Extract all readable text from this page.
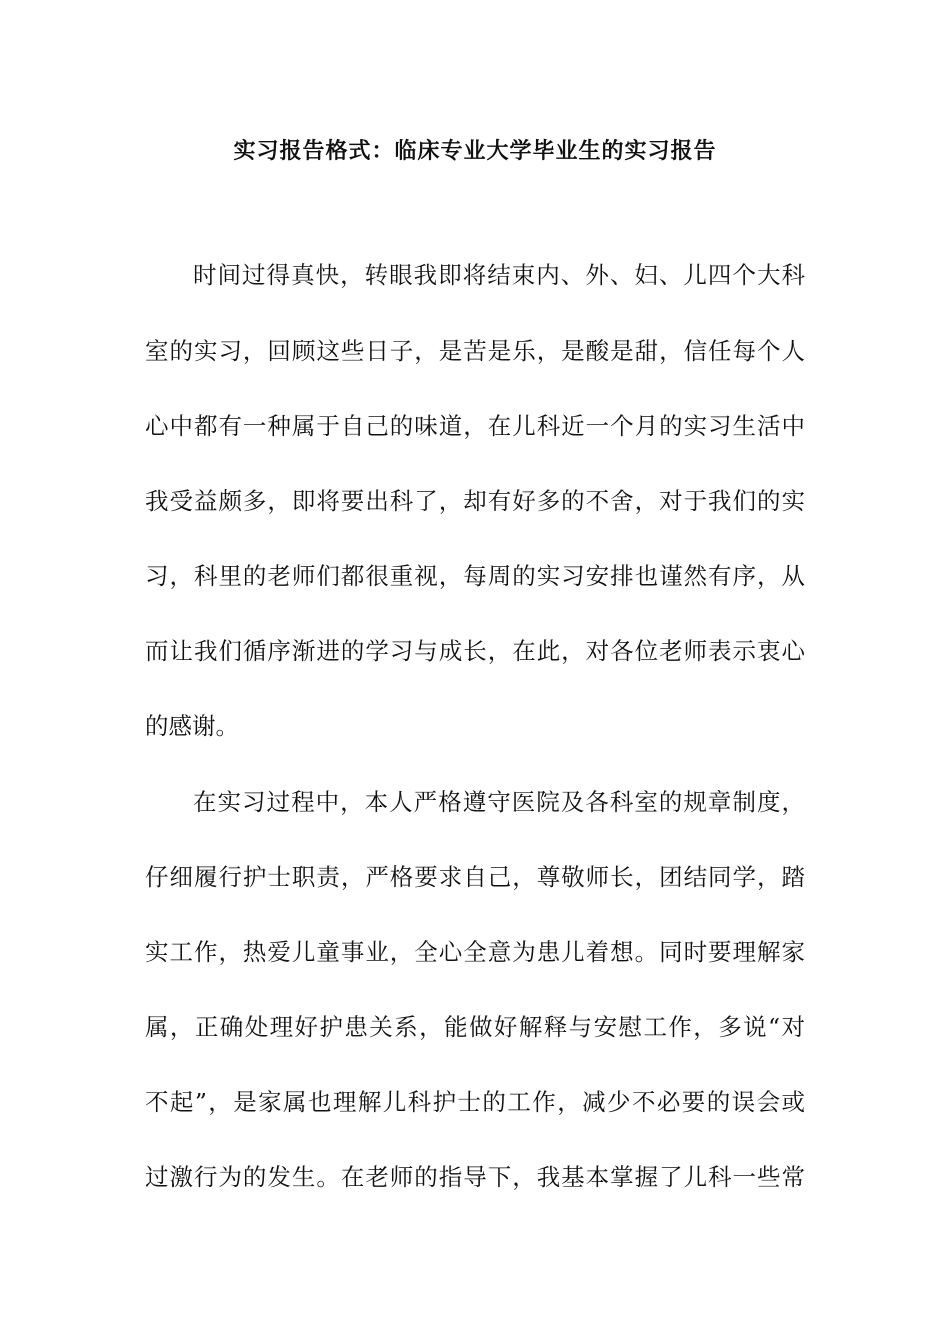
实习报告格式：临床专业大学毕业生的实习报告
时间过得真快，转眼我即将结束内、外、妇、儿四个大科
室的实习，回顾这些日子，是苦是乐，是酸是甜，信任每个人
心中都有一种属于自己的味道，在儿科近一个月的实习生活中
我受益颇多，即将要出科了，却有好多的不舍，对于我们的实
习，科里的老师们都很重视，每周的实习安排也谨然有序，从
而让我们循序渐进的学习与成长，在此，对各位老师表示衷心
的感谢。
在实习过程中，本人严格遵守医院及各科室的规章制度，
仔细履行护士职责，严格要求自己，尊敬师长，团结同学，踏
实工作，热爱儿童事业，全心全意为患儿着想。同时要理解家
属，正确处理好护患关系，能做好解释与安慰工作，多说“对
不起”，是家属也理解儿科护士的工作，减少不必要的误会或
过激行为的发生。在老师的指导下，我基本掌握了儿科一些常
